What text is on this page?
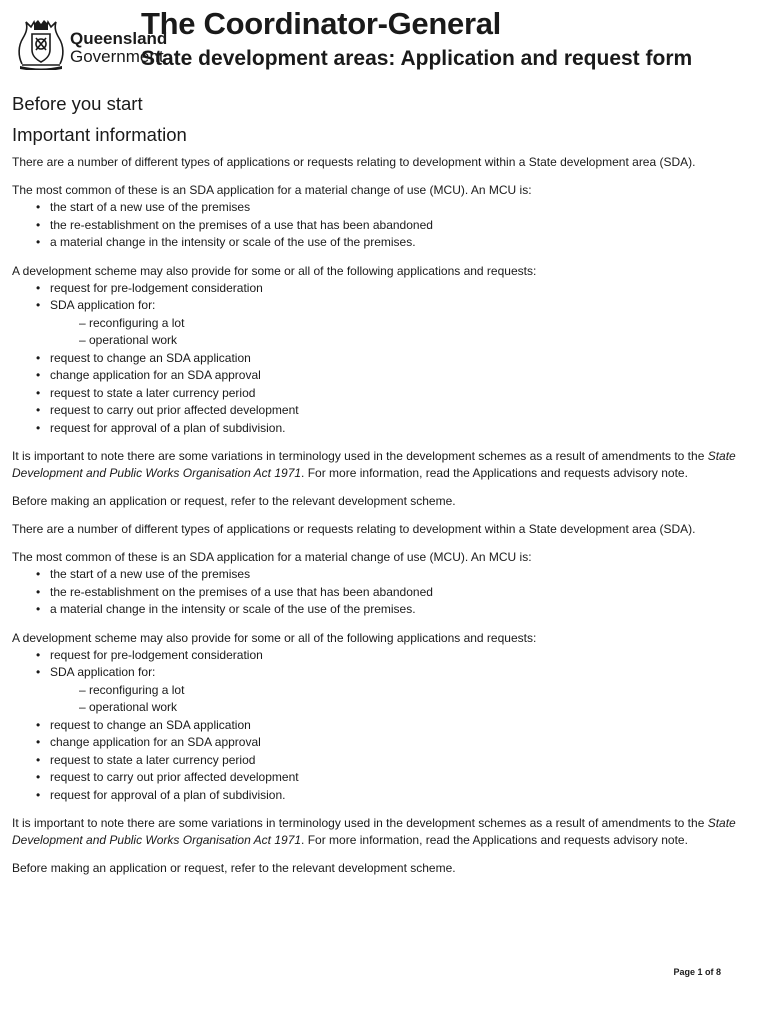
Queensland
Government
The Coordinator-General
State development areas: Application and request form
Before you start
Important information

There are a number of different types of applications or requests relating to development within a State development area (SDA).

The most common of these is an SDA application for a material change of use (MCU). An MCU is:

• the start of a new use of the premises
• the re-establishment on the premises of a use that has been abandoned
• a material change in the intensity or scale of the use of the premises.

A development scheme may also provide for some or all of the following applications and requests:

• request for pre-lodgement consideration
• SDA application for:
– reconfiguring a lot
– operational work
• request to change an SDA application
• change application for an SDA approval
• request to state a later currency period
• request to carry out prior affected development
• request for approval of a plan of subdivision.

It is important to note there are some variations in terminology used in the development schemes as a result of amendments to the State Development and Public Works Organisation Act 1971. For more information, read the Applications and requests advisory note.

Before making an application or request, refer to the relevant development scheme.

There are a number of different types of applications or requests relating to development within a State development area (SDA).

The most common of these is an SDA application for a material change of use (MCU). An MCU is:

• the start of a new use of the premises
• the re-establishment on the premises of a use that has been abandoned
• a material change in the intensity or scale of the use of the premises.

A development scheme may also provide for some or all of the following applications and requests:

• request for pre-lodgement consideration
• SDA application for:
– reconfiguring a lot
– operational work
• request to change an SDA application
• change application for an SDA approval
• request to state a later currency period
• request to carry out prior affected development
• request for approval of a plan of subdivision.

It is important to note there are some variations in terminology used in the development schemes as a result of amendments to the State Development and Public Works Organisation Act 1971. For more information, read the Applications and requests advisory note.

Before making an application or request, refer to the relevant development scheme.

Page 1 of 8
